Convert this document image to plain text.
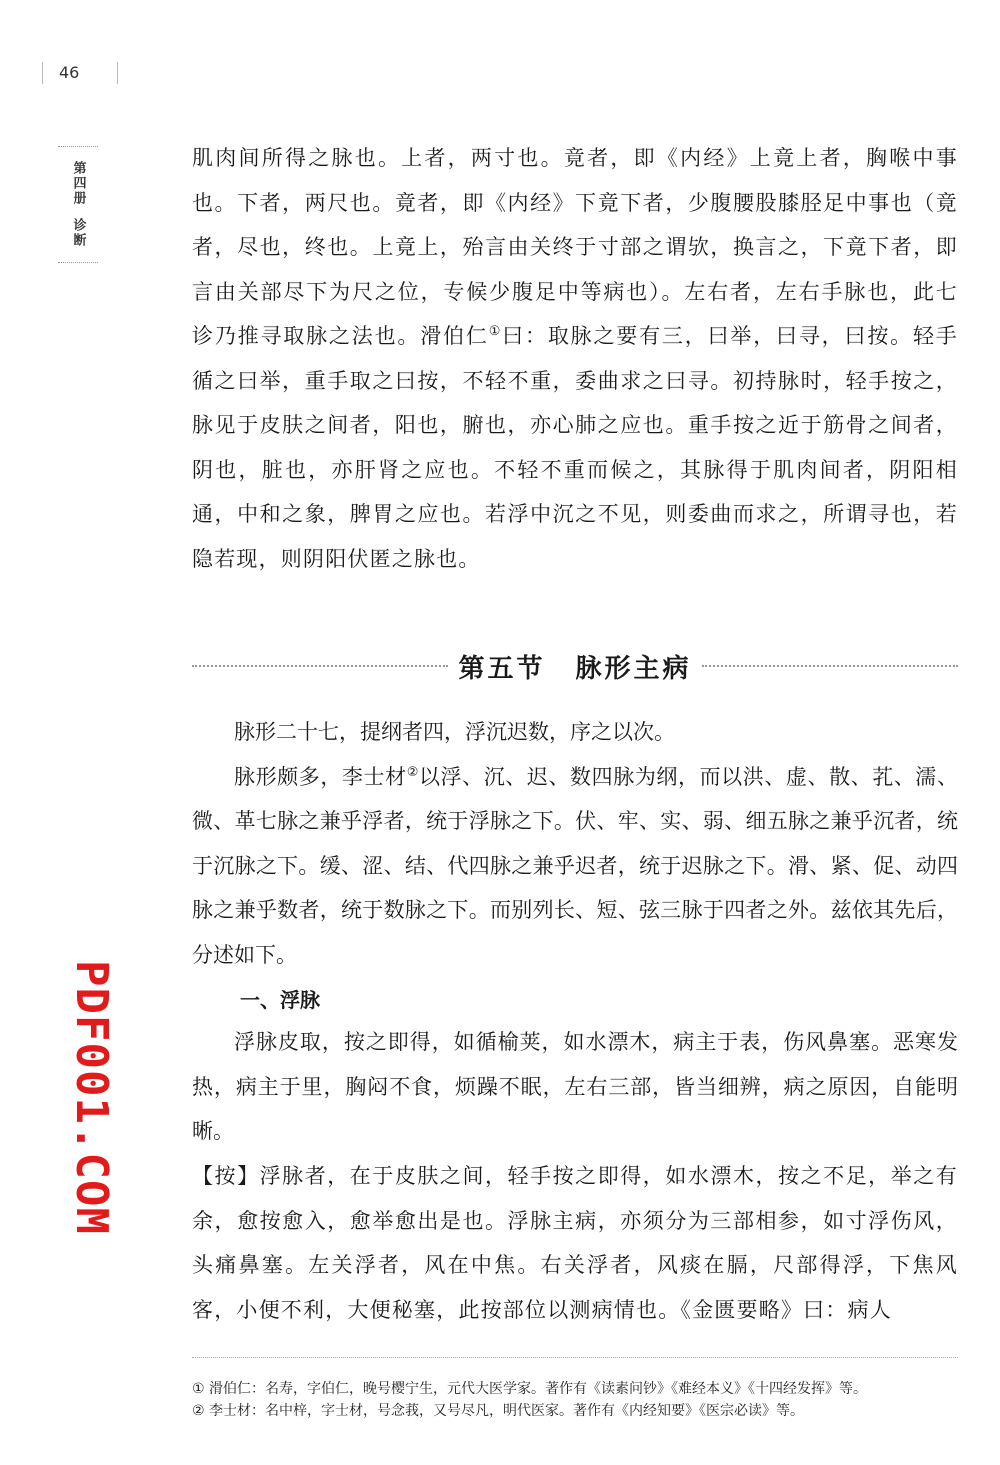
46
第四册
诊断
肌肉间所得之脉也。上者，两寸也。竟者，即《内经》上竟上者，胸喉中事也。下者，两尺也。竟者，即《内经》下竟下者，少腹腰股膝胫足中事也（竟者，尽也，终也。上竟上，殆言由关终于寸部之谓欤，换言之，下竟下者，即言由关部尽下为尺之位，专候少腹足中等病也）。左右者，左右手脉也，此七诊乃推寻取脉之法也。滑伯仁①曰：取脉之要有三，曰举，曰寻，曰按。轻手循之曰举，重手取之曰按，不轻不重，委曲求之曰寻。初持脉时，轻手按之，脉见于皮肤之间者，阳也，腑也，亦心肺之应也。重手按之近于筋骨之间者，阴也，脏也，亦肝肾之应也。不轻不重而候之，其脉得于肌肉间者，阴阳相通，中和之象，脾胃之应也。若浮中沉之不见，则委曲而求之，所谓寻也，若隐若现，则阴阳伏匿之脉也。
第五节 脉形主病

脉形二十七，提纲者四，浮沉迟数，序之以次。

脉形颇多，李士材②以浮、沉、迟、数四脉为纲，而以洪、虚、散、芤、濡、微、革七脉之兼乎浮者，统于浮脉之下。伏、牢、实、弱、细五脉之兼乎沉者，统于沉脉之下。缓、涩、结、代四脉之兼乎迟者，统于迟脉之下。滑、紧、促、动四脉之兼乎数者，统于数脉之下。而别列长、短、弦三脉于四者之外。兹依其先后，分述如下。

一、浮脉

浮脉皮取，按之即得，如循榆荚，如水漂木，病主于表，伤风鼻塞。恶寒发热，病主于里，胸闷不食，烦躁不眠，左右三部，皆当细辨，病之原因，自能明晰。

【按】浮脉者，在于皮肤之间，轻手按之即得，如水漂木，按之不足，举之有余，愈按愈入，愈举愈出是也。浮脉主病，亦须分为三部相参，如寸浮伤风，头痛鼻塞。左关浮者，风在中焦。右关浮者，风痰在膈，尺部得浮，下焦风客，小便不利，大便秘塞，此按部位以测病情也。《金匮要略》曰：病人

① 滑伯仁：名寿，字伯仁，晚号樱宁生，元代大医学家。著作有《读素问钞》《难经本义》《十四经发挥》等。
② 李士材：名中梓，字士材，号念莪，又号尽凡，明代医家。著作有《内经知要》《医宗必读》等。
PDF001.COM
